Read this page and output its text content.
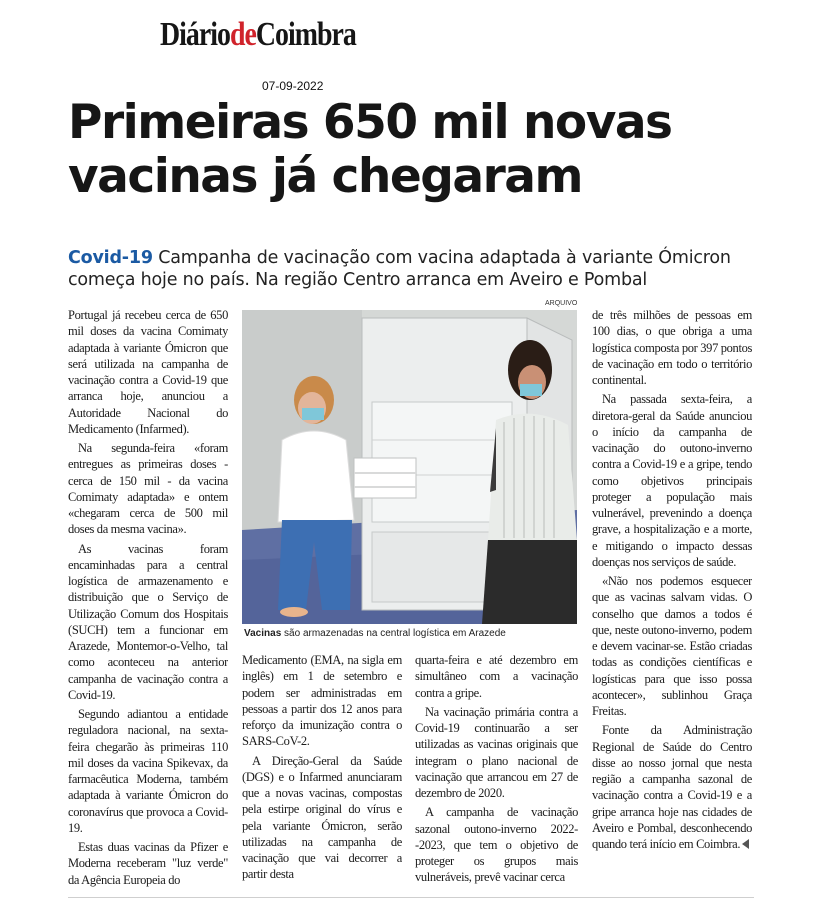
DiáriodeCoimbra
07-09-2022
Primeiras 650 mil novas
vacinas já chegaram
Covid-19 Campanha de vacinação com vacina adaptada à variante Ómicron começa hoje no país. Na região Centro arranca em Aveiro e Pombal
ARQUIVO
Vacinas são armazenadas na central logística em Arazede

Portugal já recebeu cerca de 650 mil doses da vacina Comimaty adaptada à variante Ómicron que será utilizada na campanha de vacinação contra a Covid-19 que arranca hoje, anunciou a Autoridade Nacional do Medicamento (Infarmed).

Na segunda-feira «foram entregues as primeiras doses - cerca de 150 mil - da vacina Comimaty adaptada» e ontem «chegaram cerca de 500 mil doses da mesma vacina».

As vacinas foram encaminhadas para a central logística de armazenamento e distribuição que o Serviço de Utilização Comum dos Hospitais (SUCH) tem a funcionar em Arazede, Montemor-o-Velho, tal como aconteceu na anterior campanha de vacinação contra a Covid-19.

Segundo adiantou a entidade reguladora nacional, na sexta-feira chegarão às primeiras 110 mil doses da vacina Spikevax, da farmacêutica Moderna, também adaptada à variante Ómicron do coronavírus que provoca a Covid-19.

Estas duas vacinas da Pfizer e Moderna receberam "luz verde" da Agência Europeia do

Medicamento (EMA, na sigla em inglês) em 1 de setembro e podem ser administradas em pessoas a partir dos 12 anos para reforço da imunização contra o SARS-CoV-2.

A Direção-Geral da Saúde (DGS) e o Infarmed anunciaram que a novas vacinas, compostas pela estirpe original do vírus e pela variante Ómicron, serão utilizadas na campanha de vacinação que vai decorrer a partir desta

quarta-feira e até dezembro em simultâneo com a vacinação contra a gripe.

Na vacinação primária contra a Covid-19 continuarão a ser utilizadas as vacinas originais que integram o plano nacional de vacinação que arrancou em 27 de dezembro de 2020.

A campanha de vacinação sazonal outono-inverno 2022--2023, que tem o objetivo de proteger os grupos mais vulneráveis, prevê vacinar cerca

de três milhões de pessoas em 100 dias, o que obriga a uma logística composta por 397 pontos de vacinação em todo o território continental.

Na passada sexta-feira, a diretora-geral da Saúde anunciou o início da campanha de vacinação do outono-inverno contra a Covid-19 e a gripe, tendo como objetivos principais proteger a população mais vulnerável, prevenindo a doença grave, a hospitalização e a morte, e mitigando o impacto dessas doenças nos serviços de saúde.

«Não nos podemos esquecer que as vacinas salvam vidas. O conselho que damos a todos é que, neste outono-inverno, podem e devem vacinar-se. Estão criadas todas as condições científicas e logísticas para que isso possa acontecer», sublinhou Graça Freitas.

Fonte da Administração Regional de Saúde do Centro disse ao nosso jornal que nesta região a campanha sazonal de vacinação contra a Covid-19 e a gripe arranca hoje nas cidades de Aveiro e Pombal, desconhecendo quando terá início em Coimbra.
